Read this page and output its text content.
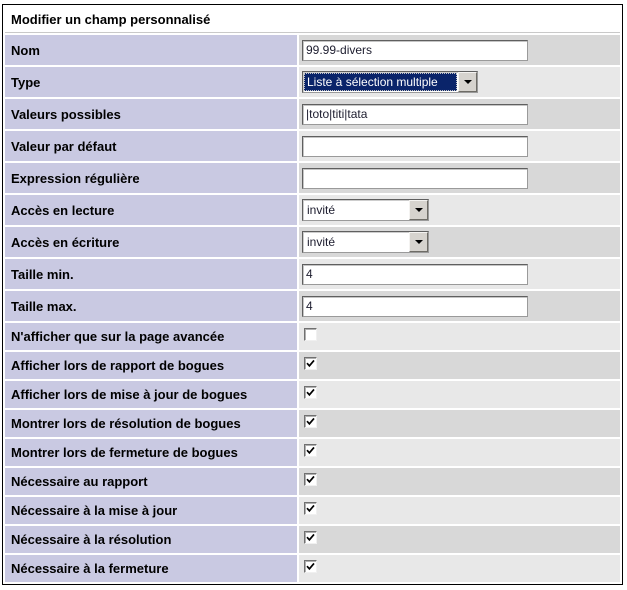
Modifier un champ personnalisé	
Nom	99.99-divers
Type	Liste à sélection multiple

Valeurs possibles	|toto|titi|tata
Valeur par défaut	
Expression régulière	
Accès en lecture	invité

Accès en écriture	invité

Taille min.	4
Taille max.	4
N'afficher que sur la page avancée	
Afficher lors de rapport de bogues	

Afficher lors de mise à jour de bogues	

Montrer lors de résolution de bogues	

Montrer lors de fermeture de bogues	

Nécessaire au rapport	

Nécessaire à la mise à jour	

Nécessaire à la résolution	

Nécessaire à la fermeture	
